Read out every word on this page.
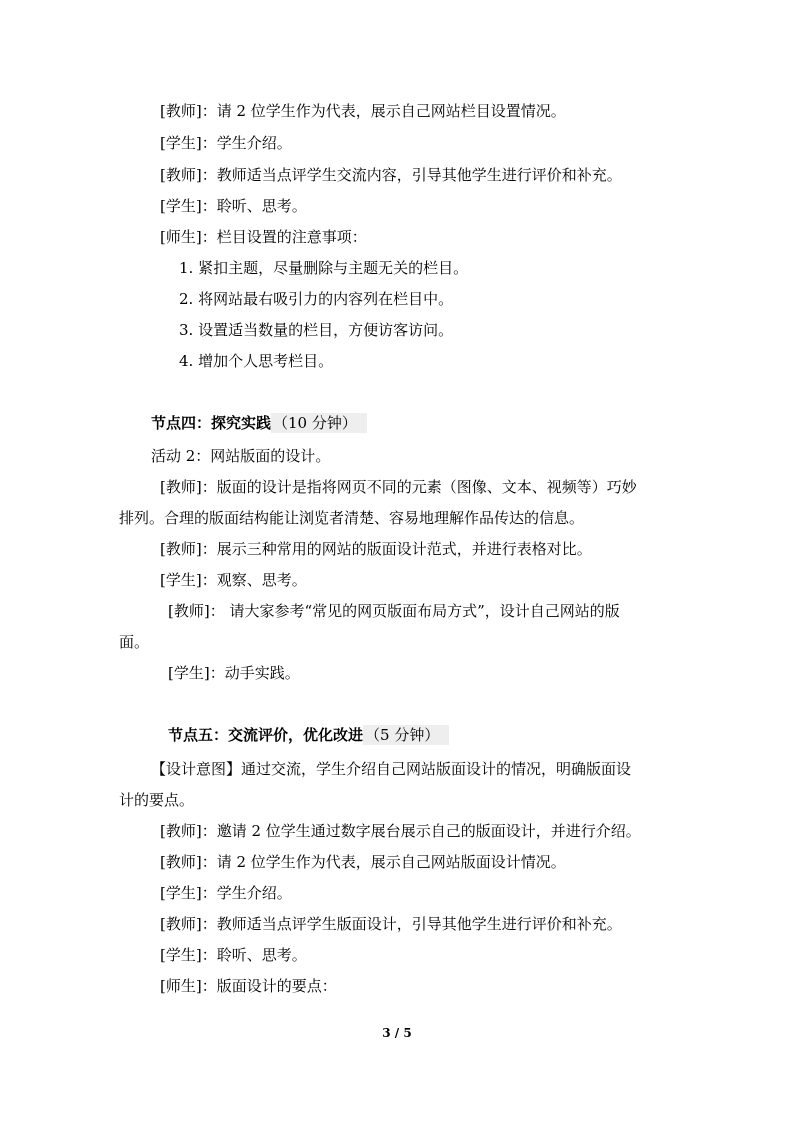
[教师]：请 2 位学生作为代表，展示自己网站栏目设置情况。
[学生]：学生介绍。
[教师]：教师适当点评学生交流内容，引导其他学生进行评价和补充。
[学生]：聆听、思考。
[师生]：栏目设置的注意事项：
1. 紧扣主题，尽量删除与主题无关的栏目。
2. 将网站最右吸引力的内容列在栏目中。
3. 设置适当数量的栏目，方便访客访问。
4. 增加个人思考栏目。
节点四：探究实践 （10 分钟）
活动 2：网站版面的设计。
[教师]：版面的设计是指将网页不同的元素（图像、文本、视频等）巧妙
排列。合理的版面结构能让浏览者清楚、容易地理解作品传达的信息。
[教师]：展示三种常用的网站的版面设计范式，并进行表格对比。
[学生]：观察、思考。
[教师]： 请大家参考“常见的网页版面布局方式”，设计自己网站的版
面。
[学生]：动手实践。
节点五：交流评价，优化改进 （5 分钟）
【设计意图】通过交流，学生介绍自己网站版面设计的情况，明确版面设
计的要点。
[教师]：邀请 2 位学生通过数字展台展示自己的版面设计，并进行介绍。
[教师]：请 2 位学生作为代表，展示自己网站版面设计情况。
[学生]：学生介绍。
[教师]：教师适当点评学生版面设计，引导其他学生进行评价和补充。
[学生]：聆听、思考。
[师生]：版面设计的要点：
3 / 5
